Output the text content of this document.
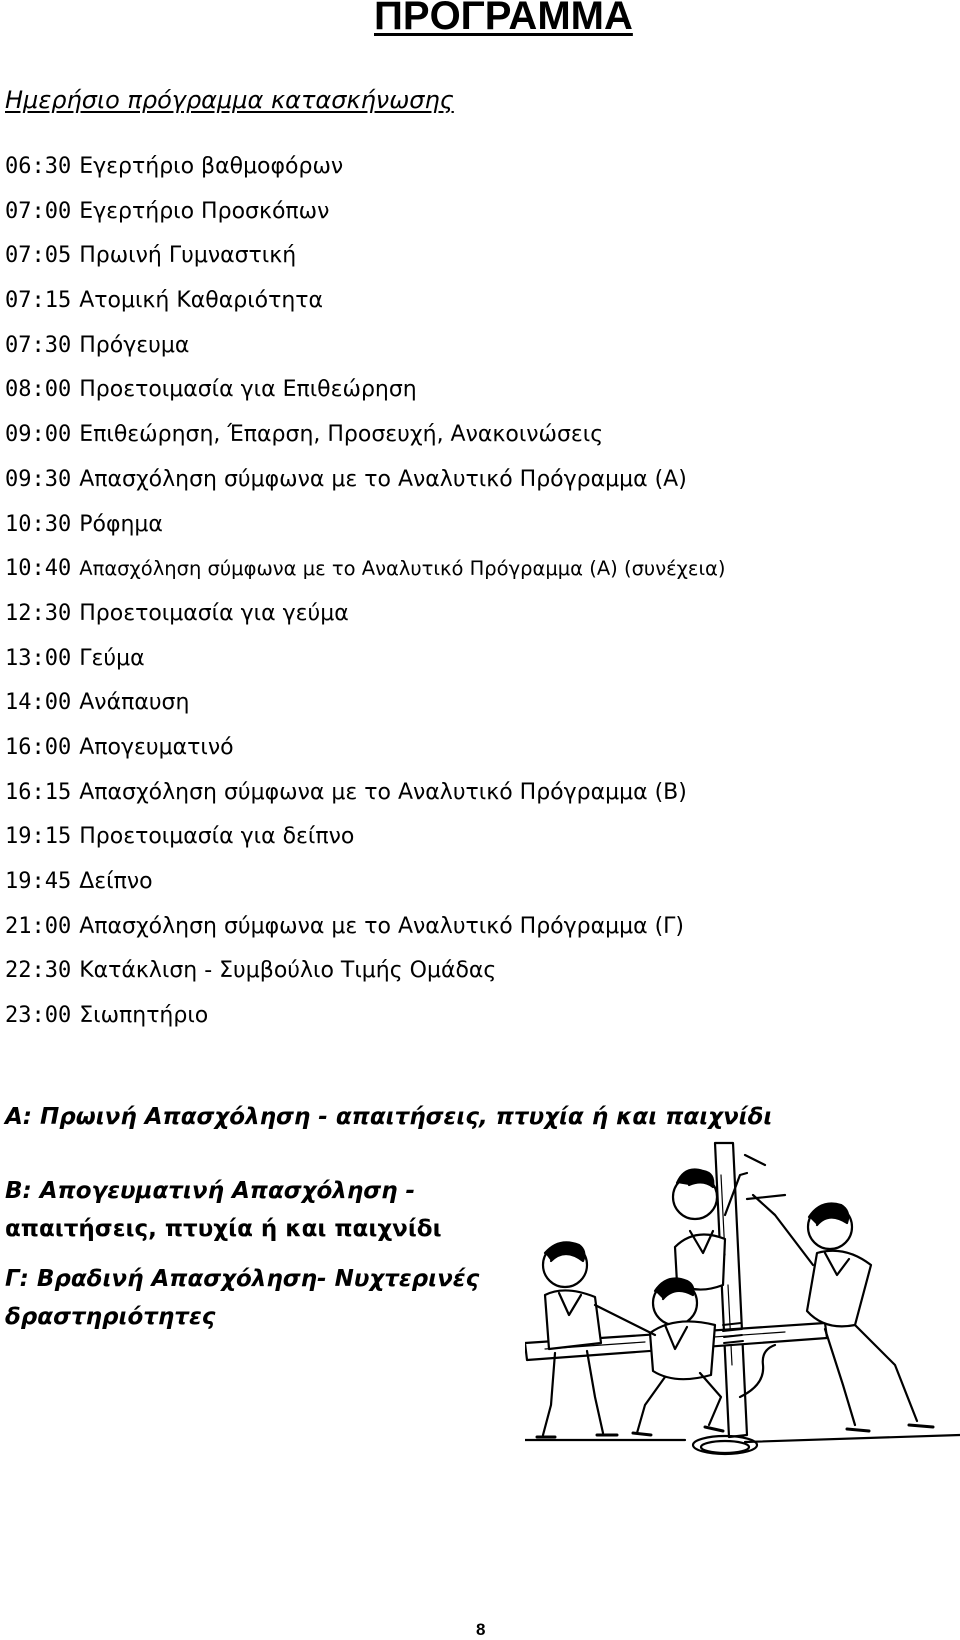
ΠΡΟΓΡΑΜΜΑ
Ημερήσιο πρόγραμμα κατασκήνωσης
06:30 Εγερτήριο βαθμοφόρων
07:00 Εγερτήριο Προσκόπων
07:05 Πρωινή Γυμναστική
07:15 Ατομική Καθαριότητα
07:30 Πρόγευμα
08:00 Προετοιμασία για Επιθεώρηση
09:00 Επιθεώρηση, Έπαρση, Προσευχή, Ανακοινώσεις
09:30 Απασχόληση σύμφωνα με το Αναλυτικό Πρόγραμμα (Α)
10:30 Ρόφημα
10:40 Απασχόληση σύμφωνα με το Αναλυτικό Πρόγραμμα (Α) (συνέχεια)
12:30 Προετοιμασία για γεύμα
13:00 Γεύμα
14:00 Ανάπαυση
16:00 Απογευματινό
16:15 Απασχόληση σύμφωνα με το Αναλυτικό Πρόγραμμα (Β)
19:15 Προετοιμασία για δείπνο
19:45 Δείπνο
21:00 Απασχόληση σύμφωνα με το Αναλυτικό Πρόγραμμα (Γ)
22:30 Κατάκλιση - Συμβούλιο Τιμής Ομάδας
23:00 Σιωπητήριο

Α: Πρωινή Απασχόληση - απαιτήσεις, πτυχία ή και παιχνίδι

Β: Απογευματινή Απασχόληση -
απαιτήσεις, πτυχία ή και παιχνίδι
Γ: Βραδινή Απασχόληση- Νυχτερινές
δραστηριότητες
8
